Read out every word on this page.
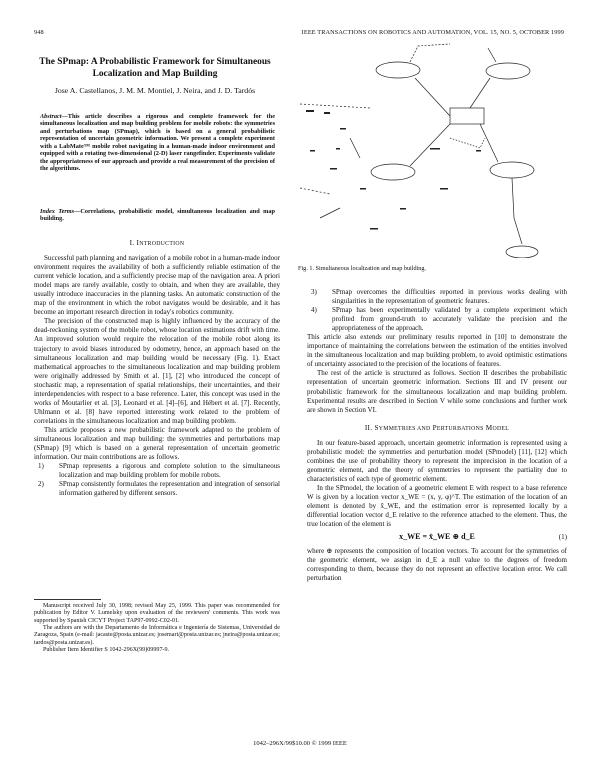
948	IEEE TRANSACTIONS ON ROBOTICS AND AUTOMATION, VOL. 15, NO. 5, OCTOBER 1999
The SPmap: A Probabilistic Framework for Simultaneous Localization and Map Building
Jose A. Castellanos, J. M. M. Montiel, J. Neira, and J. D. Tardós
Abstract—This article describes a rigorous and complete framework for the simultaneous localization and map building problem for mobile robots: the symmetries and perturbations map (SPmap), which is based on a general probabilistic representation of uncertain geometric information. We present a complete experiment with a LabMate™ mobile robot navigating in a human-made indoor environment and equipped with a rotating two-dimensional (2-D) laser rangefinder. Experiments validate the appropriateness of our approach and provide a real measurement of the precision of the algorithms.
Index Terms—Correlations, probabilistic model, simultaneous localization and map building.
I. INTRODUCTION

Successful path planning and navigation of a mobile robot in a human-made indoor environment requires the availability of both a sufficiently reliable estimation of the current vehicle location, and a sufficiently precise map of the navigation area. A priori model maps are rarely available, costly to obtain, and when they are available, they usually introduce inaccuracies in the planning tasks. An automatic construction of the map of the environment in which the robot navigates would be desirable, and it has become an important research direction in today's robotics community.

The precision of the constructed map is highly influenced by the accuracy of the dead-reckoning system of the mobile robot, whose location estimations drift with time. An improved solution would require the relocation of the mobile robot along its trajectory to avoid biases introduced by odometry, hence, an approach based on the simultaneous localization and map building would be necessary (Fig. 1). Exact mathematical approaches to the simultaneous localization and map building problem were originally addressed by Smith et al. [1], [2] who introduced the concept of stochastic map, a representation of spatial relationships, their uncertainties, and their interdependencies with respect to a base reference. Later, this concept was used in the works of Moutarlier et al. [3], Leonard et al. [4]–[6], and Hébert et al. [7]. Recently, Uhlmann et al. [8] have reported interesting work related to the problem of correlations in the simultaneous localization and map building problem.

This article proposes a new probabilistic framework adapted to the problem of simultaneous localization and map building: the symmetries and perturbations map (SPmap) [9] which is based on a general representation of uncertain geometric information. Our main contributions are as follows.

1) SPmap represents a rigorous and complete solution to the simultaneous localization and map building problem for mobile robots.
2) SPmap consistently formulates the representation and integration of sensorial information gathered by different sensors.

Manuscript received July 30, 1998; revised May 25, 1999. This paper was recommended for publication by Editor V. Lumelsky upon evaluation of the reviewers' comments. This work was supported by Spanish CICYT Project TAP97-0992-C02-01.

The authors are with the Departamento de Informática e Ingeniería de Sistemas, Universidad de Zaragoza, Spain (e-mail: jacaste@posta.unizar.es; josemari@posta.unizar.es; jneira@posta.unizar.es; tardos@posta.unizar.es).

Publisher Item Identifier S 1042-296X(99)09997-9.

Fig. 1. Simultaneous localization and map building.
3) SPmap overcomes the difficulties reported in previous works dealing with singularities in the representation of geometric features.
4) SPmap has been experimentally validated by a complete experiment which profited from ground-truth to accurately validate the precision and the appropriateness of the approach.

This article also extends our preliminary results reported in [10] to demonstrate the importance of maintaining the correlations between the estimation of the entities involved in the simultaneous localization and map building problem, to avoid optimistic estimations of uncertainty associated to the precision of the locations of features.

The rest of the article is structured as follows. Section II describes the probabilistic representation of uncertain geometric information. Sections III and IV present our probabilistic framework for the simultaneous localization and map building problem. Experimental results are described in Section V while some conclusions and further work are shown in Section VI.

II. SYMMETRIES AND PERTURBATIONS MODEL

In our feature-based approach, uncertain geometric information is represented using a probabilistic model: the symmetries and perturbation model (SPmodel) [11], [12] which combines the use of probability theory to represent the imprecision in the location of a geometric element, and the theory of symmetries to represent the partiality due to characteristics of each type of geometric element.

In the SPmodel, the location of a geometric element E with respect to a base reference W is given by a location vector x_WE = (x, y, φ)^T. The estimation of the location of an element is denoted by x̂_WE, and the estimation error is represented locally by a differential location vector d_E relative to the reference attached to the element. Thus, the true location of the element is

x_WE = x̂_WE ⊕ d_E	(1)

where ⊕ represents the composition of location vectors. To account for the symmetries of the geometric element, we assign in d_E a null value to the degrees of freedom corresponding to them, because they do not represent an effective location error. We call perturbation

1042–296X/99$10.00 © 1999 IEEE
